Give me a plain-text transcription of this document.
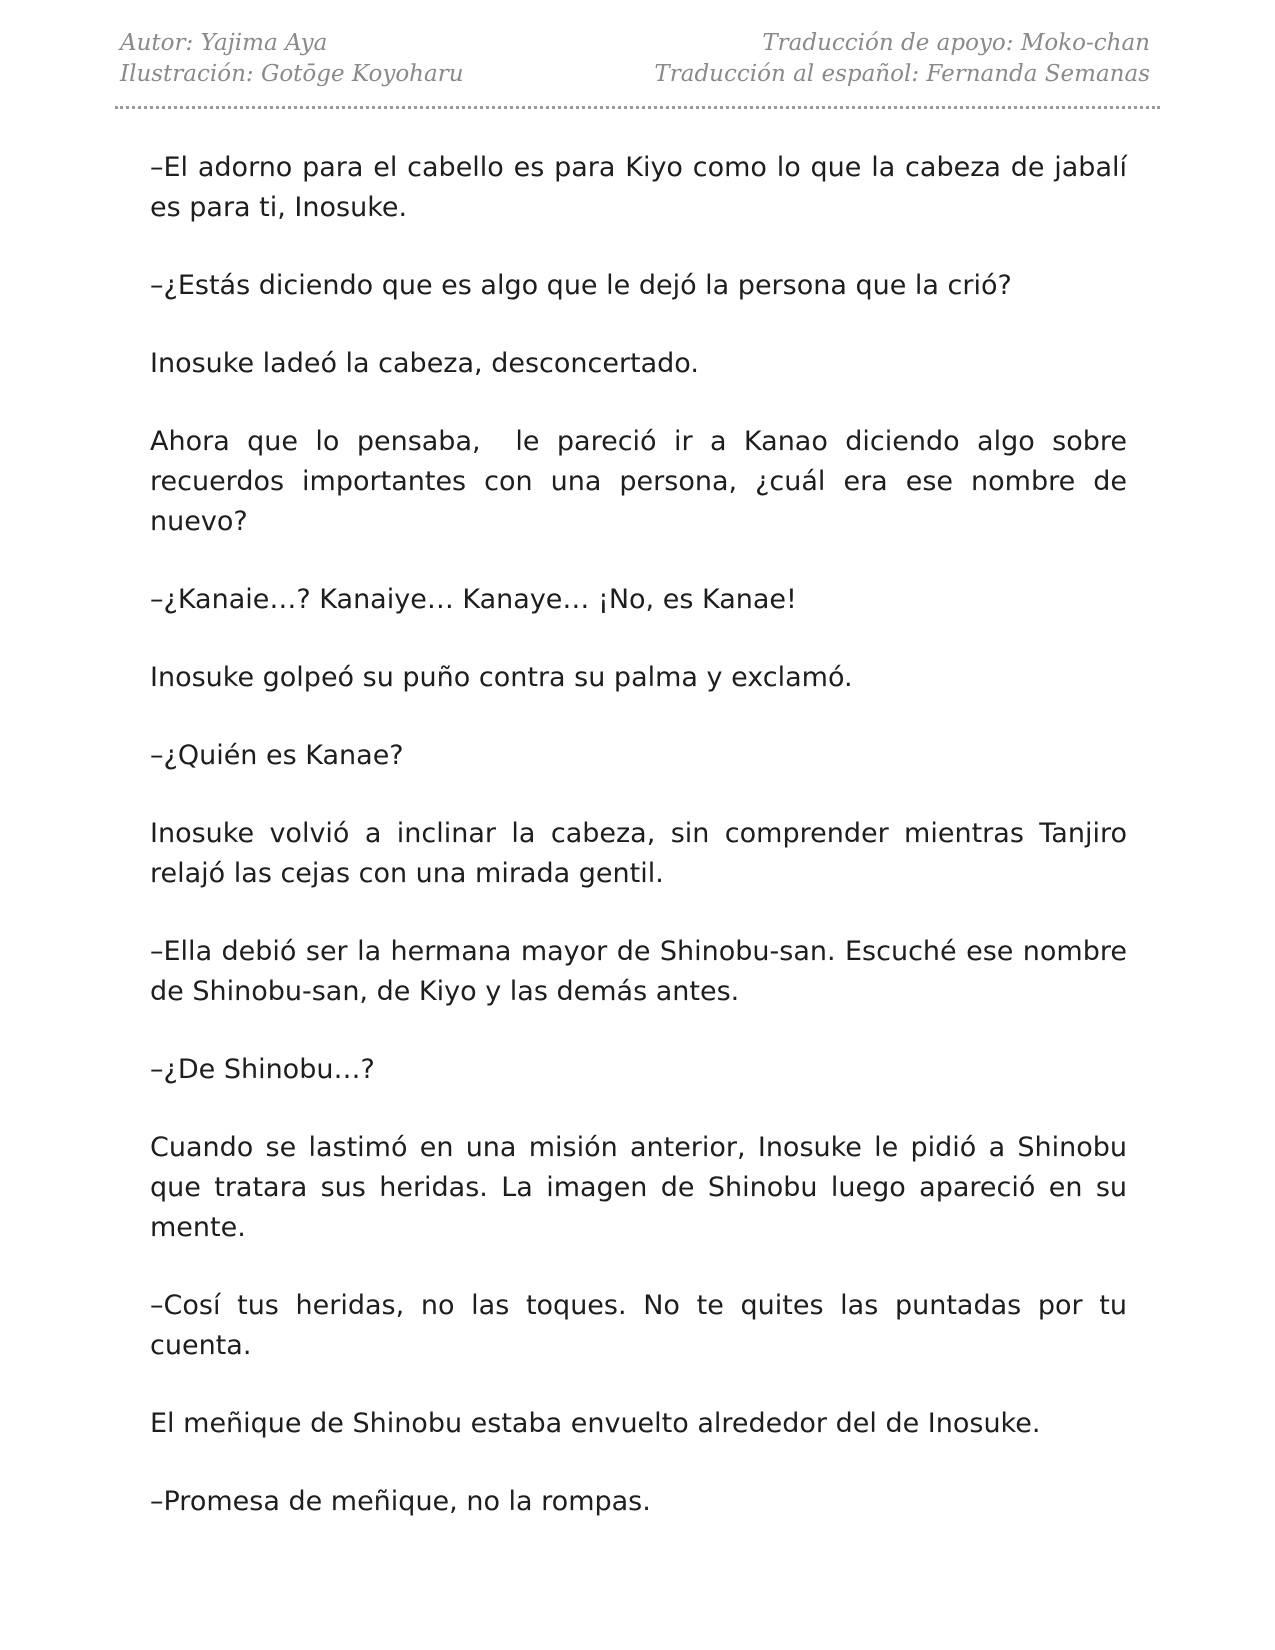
Autor: Yajima Aya
Ilustración: Gotōge Koyoharu
Traducción de apoyo: Moko-chan
Traducción al español: Fernanda Semanas

–El adorno para el cabello es para Kiyo como lo que la cabeza de jabalí es para ti, Inosuke.

–¿Estás diciendo que es algo que le dejó la persona que la crió?

Inosuke ladeó la cabeza, desconcertado.

Ahora que lo pensaba,  le pareció ir a Kanao diciendo algo sobre recuerdos importantes con una persona, ¿cuál era ese nombre de nuevo?

–¿Kanaie…? Kanaiye… Kanaye… ¡No, es Kanae!

Inosuke golpeó su puño contra su palma y exclamó.

–¿Quién es Kanae?

Inosuke volvió a inclinar la cabeza, sin comprender mientras Tanjiro relajó las cejas con una mirada gentil.

–Ella debió ser la hermana mayor de Shinobu-san. Escuché ese nombre de Shinobu-san, de Kiyo y las demás antes.

–¿De Shinobu…?

Cuando se lastimó en una misión anterior, Inosuke le pidió a Shinobu que tratara sus heridas. La imagen de Shinobu luego apareció en su mente.

–Cosí tus heridas, no las toques. No te quites las puntadas por tu cuenta.

El meñique de Shinobu estaba envuelto alrededor del de Inosuke.

–Promesa de meñique, no la rompas.
